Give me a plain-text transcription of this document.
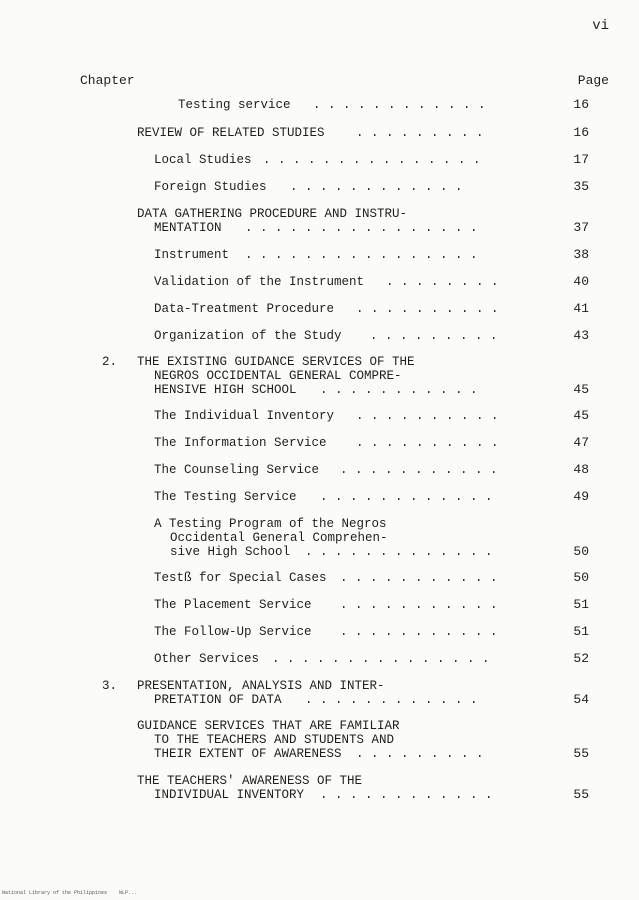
vi
Chapter	Page
Testing service . . . . . . . . . . . .	16
REVIEW OF RELATED STUDIES	. . . . . . . . .	16
Local Studies . . . . . . . . . . . . . . .	17
Foreign Studies . . . . . . . . . . . .	35
DATA GATHERING PROCEDURE AND INSTRU-
MENTATION . . . . . . . . . . . . . . . .	37
Instrument . . . . . . . . . . . . . . . .	38
Validation of the Instrument . . . . . . . .	40
Data-Treatment Procedure . . . . . . . . . .	41
Organization of the Study . . . . . . . . .	43
2. THE EXISTING GUIDANCE SERVICES OF THE
NEGROS OCCIDENTAL GENERAL COMPRE-
HENSIVE HIGH SCHOOL . . . . . . . . . . .	45
The Individual Inventory . . . . . . . . . .	45
The Information Service . . . . . . . . . .	47
The Counseling Service . . . . . . . . . . .	48
The Testing Service . . . . . . . . . . . .	49
A Testing Program of the Negros
Occidental General Comprehen-
sive High School . . . . . . . . . . . . .	50
Testß for Special Cases . . . . . . . . . . .	50
The Placement Service . . . . . . . . . . .	51
The Follow-Up Service . . . . . . . . . . .	51
Other Services . . . . . . . . . . . . . . .	52
3. PRESENTATION, ANALYSIS AND INTER-
PRETATION OF DATA . . . . . . . . . . . .	54
GUIDANCE SERVICES THAT ARE FAMILIAR
TO THE TEACHERS AND STUDENTS AND
THEIR EXTENT OF AWARENESS . . . . . . . . .	55
THE TEACHERS' AWARENESS OF THE
INDIVIDUAL INVENTORY . . . . . . . . . . . .	55
National Library of the Philippines    NLP...
